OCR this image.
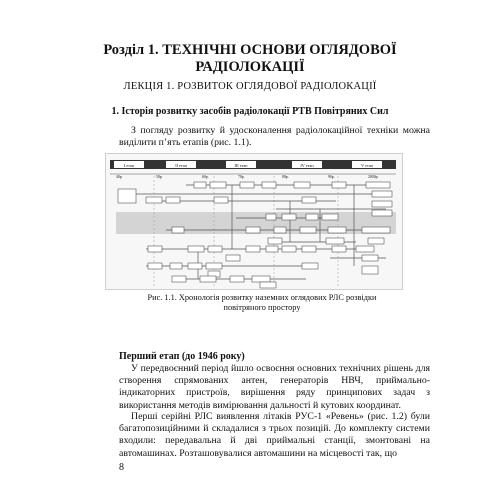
Розділ 1. ТЕХНІЧНІ ОСНОВИ ОГЛЯДОВОЇ
РАДІОЛОКАЦІЇ
ЛЕКЦІЯ 1. РОЗВИТОК ОГЛЯДОВОЇ РАДІОЛОКАЦІЇ
1. Історія розвитку засобів радіолокації РТВ Повітряних Сил
З погляду розвитку й удосконалення радіолокаційної техніки можна виділити п’ять етапів (рис. 1.1).
І етап	ІІ етап	ІІІ етап	IV етап	V етап
40р.	50р.	60р.	70р.	80р.	90р.	2000р.
Рис. 1.1. Хронологія розвитку наземних оглядових РЛС розвідки
повітряного простору
Перший етап (до 1946 року)
У передвоєнний період йшло освоєння основних технічних рішень для створення спрямованих антен, генераторів НВЧ, приймально-індикаторних пристроїв, вирішення ряду принципових задач з використання методів вимірювання дальності й кутових координат.
Перші серійні РЛС виявлення літаків РУС-1 «Ревень» (рис. 1.2) були багатопозиційними й складалися з трьох позицій. До комплекту системи входили: передавальна й дві приймальні станції, змонтовані на автомашинах. Розташовувалися автомашини на місцевості так, що
8
